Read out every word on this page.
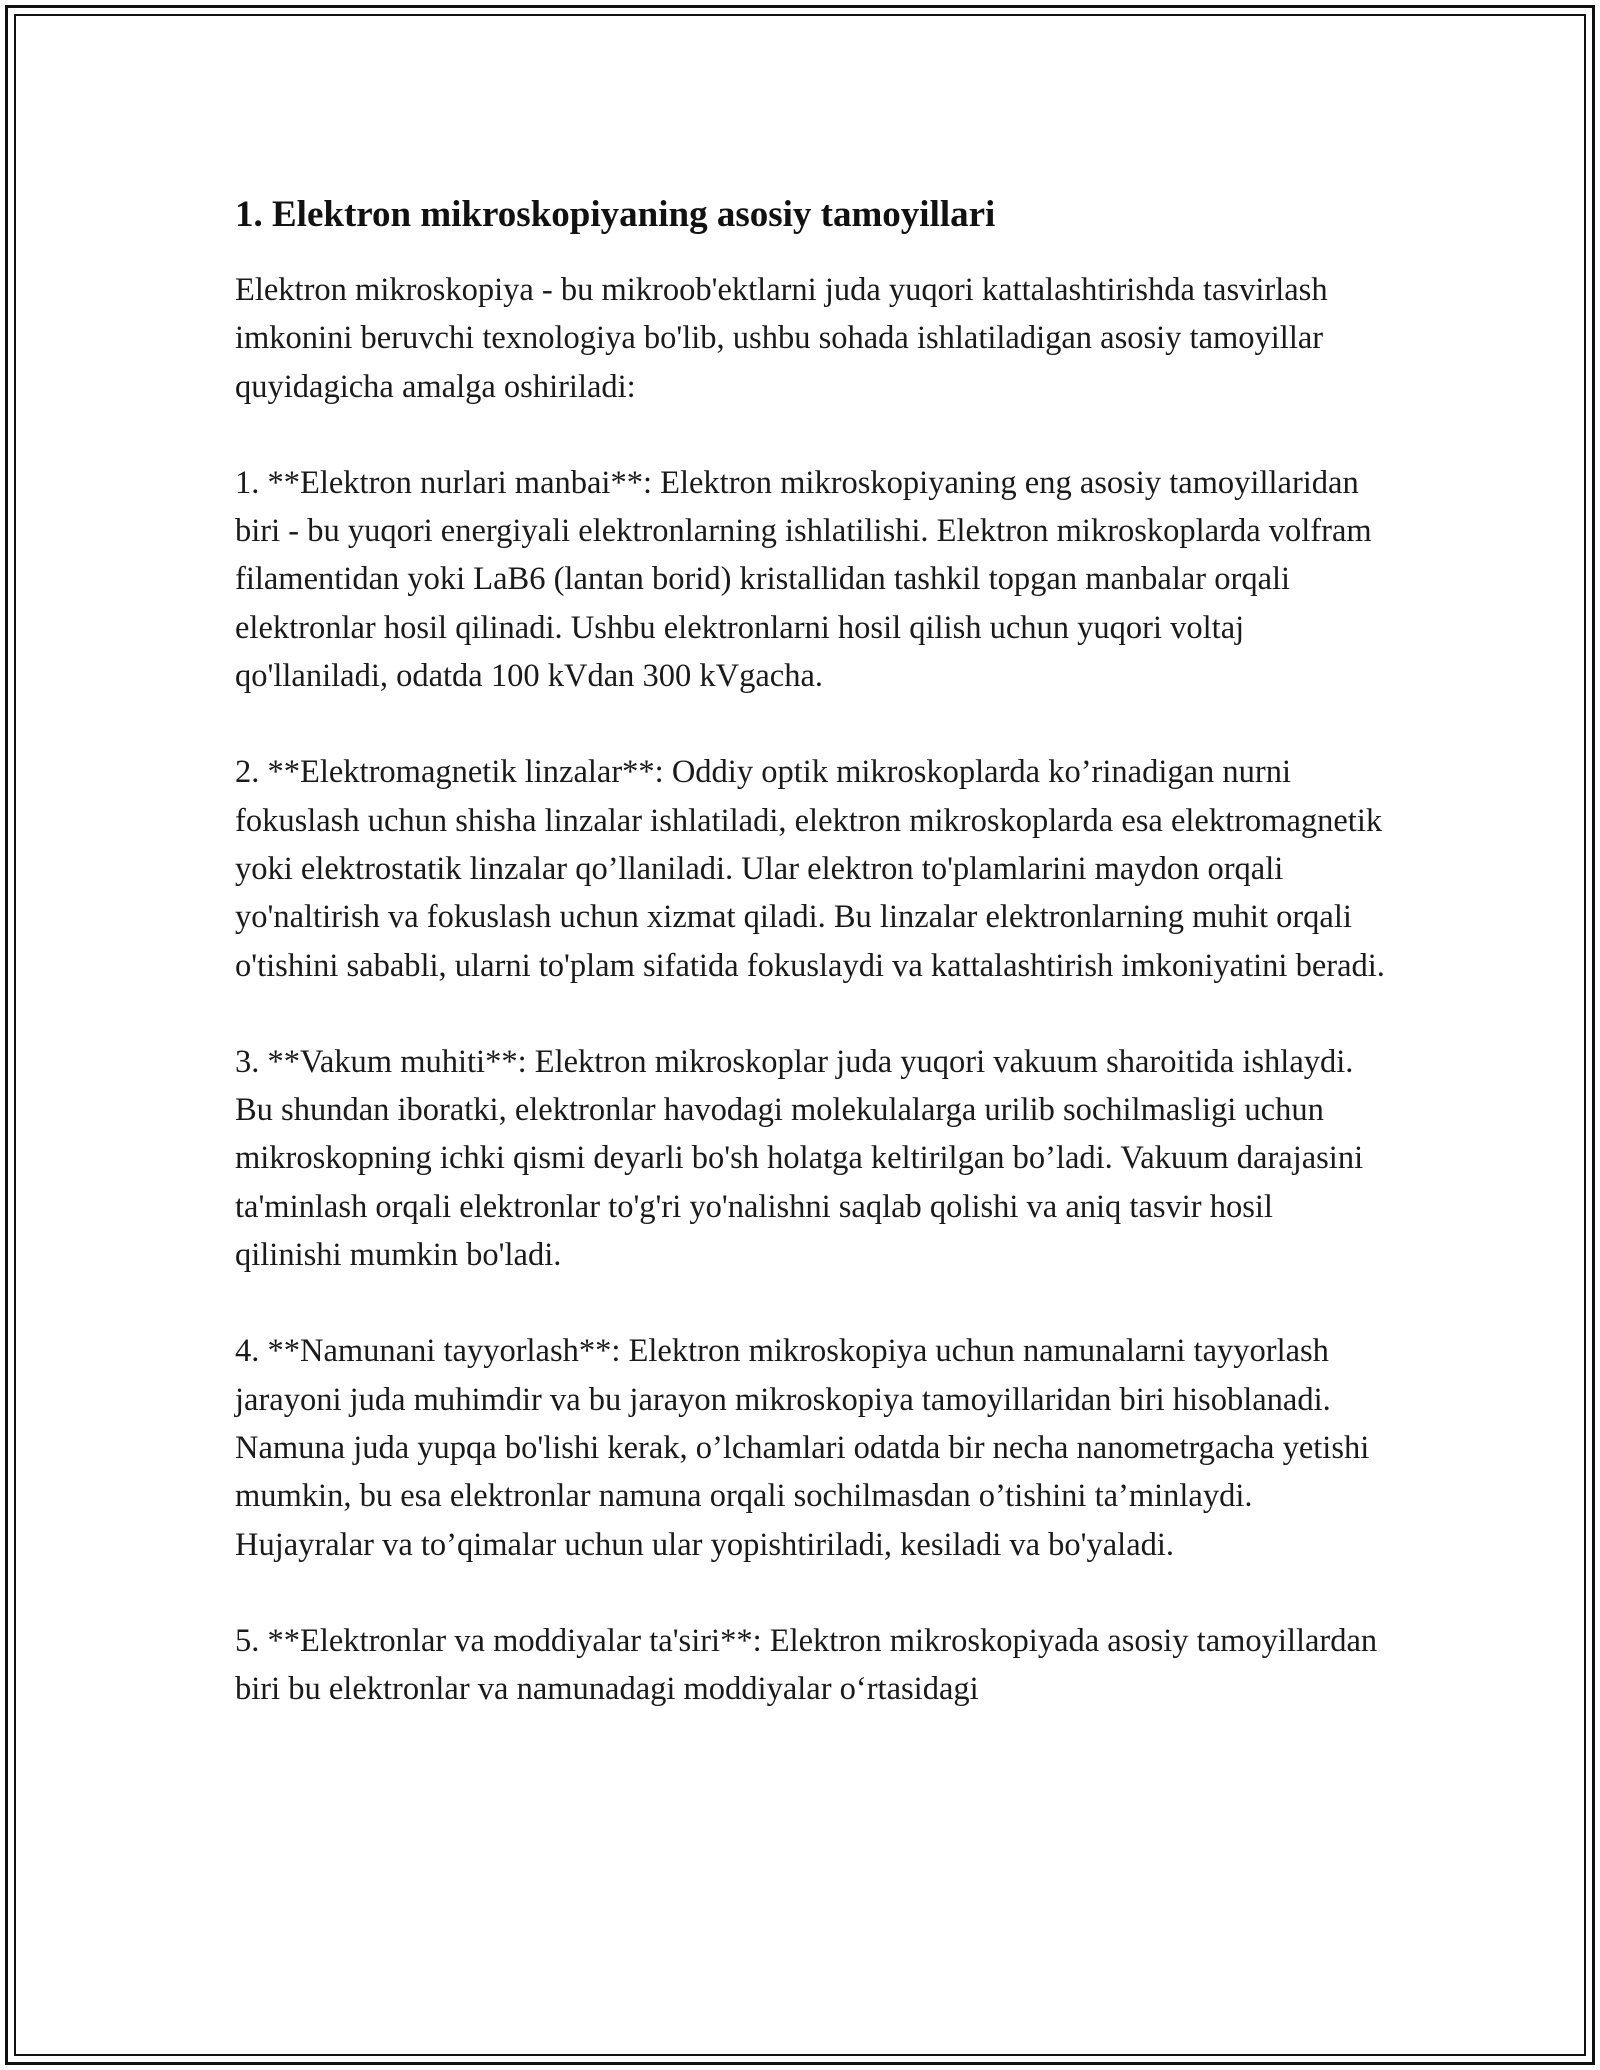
1. Elektron mikroskopiyaning asosiy tamoyillari

Elektron mikroskopiya - bu mikroob'ektlarni juda yuqori kattalashtirishda tasvirlash imkonini beruvchi texnologiya bo'lib, ushbu sohada ishlatiladigan asosiy tamoyillar quyidagicha amalga oshiriladi:

1. **Elektron nurlari manbai**: Elektron mikroskopiyaning eng asosiy tamoyillaridan biri - bu yuqori energiyali elektronlarning ishlatilishi. Elektron mikroskoplarda volfram filamentidan yoki LaB6 (lantan borid) kristallidan tashkil topgan manbalar orqali elektronlar hosil qilinadi. Ushbu elektronlarni hosil qilish uchun yuqori voltaj qo'llaniladi, odatda 100 kVdan 300 kVgacha.

2. **Elektromagnetik linzalar**: Oddiy optik mikroskoplarda ko’rinadigan nurni fokuslash uchun shisha linzalar ishlatiladi, elektron mikroskoplarda esa elektromagnetik yoki elektrostatik linzalar qo’llaniladi. Ular elektron to'plamlarini maydon orqali yo'naltirish va fokuslash uchun xizmat qiladi. Bu linzalar elektronlarning muhit orqali o'tishini sababli, ularni to'plam sifatida fokuslaydi va kattalashtirish imkoniyatini beradi.

3. **Vakum muhiti**: Elektron mikroskoplar juda yuqori vakuum sharoitida ishlaydi. Bu shundan iboratki, elektronlar havodagi molekulalarga urilib sochilmasligi uchun mikroskopning ichki qismi deyarli bo'sh holatga keltirilgan bo’ladi. Vakuum darajasini ta'minlash orqali elektronlar to'g'ri yo'nalishni saqlab qolishi va aniq tasvir hosil qilinishi mumkin bo'ladi.

4. **Namunani tayyorlash**: Elektron mikroskopiya uchun namunalarni tayyorlash jarayoni juda muhimdir va bu jarayon mikroskopiya tamoyillaridan biri hisoblanadi. Namuna juda yupqa bo'lishi kerak, o’lchamlari odatda bir necha nanometrgacha yetishi mumkin, bu esa elektronlar namuna orqali sochilmasdan o’tishini ta’minlaydi. Hujayralar va to’qimalar uchun ular yopishtiriladi, kesiladi va bo'yaladi.

5. **Elektronlar va moddiyalar ta'siri**: Elektron mikroskopiyada asosiy tamoyillardan biri bu elektronlar va namunadagi moddiyalar o‘rtasidagi
